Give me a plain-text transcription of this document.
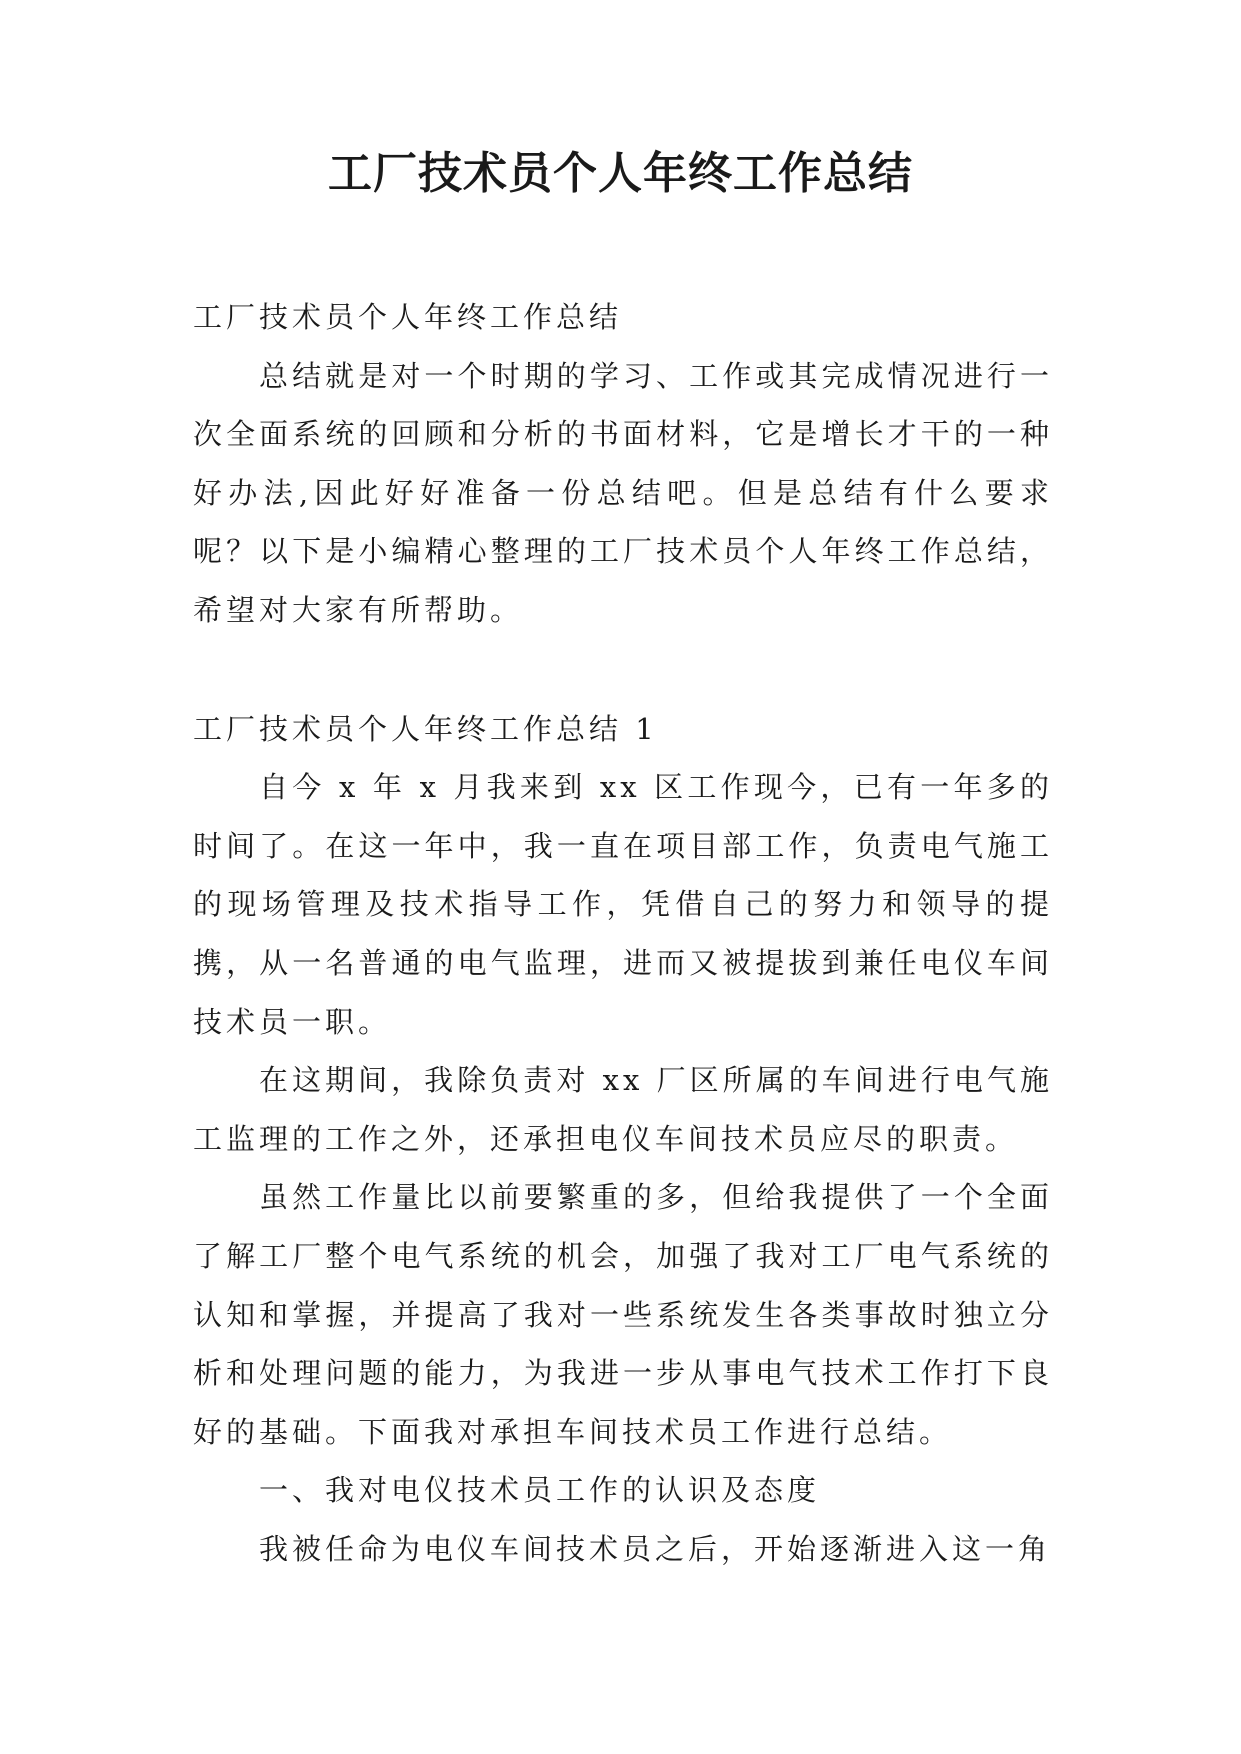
工厂技术员个人年终工作总结

工厂技术员个人年终工作总结

总结就是对一个时期的学习、工作或其完成情况进行一次全面系统的回顾和分析的书面材料，它是增长才干的一种好办法,因此好好准备一份总结吧。但是总结有什么要求呢？以下是小编精心整理的工厂技术员个人年终工作总结，希望对大家有所帮助。

工厂技术员个人年终工作总结 1

自今 x 年 x 月我来到 xx 区工作现今，已有一年多的时间了。在这一年中，我一直在项目部工作，负责电气施工的现场管理及技术指导工作，凭借自己的努力和领导的提携，从一名普通的电气监理，进而又被提拔到兼任电仪车间技术员一职。

在这期间，我除负责对 xx 厂区所属的车间进行电气施工监理的工作之外，还承担电仪车间技术员应尽的职责。

虽然工作量比以前要繁重的多，但给我提供了一个全面了解工厂整个电气系统的机会，加强了我对工厂电气系统的认知和掌握，并提高了我对一些系统发生各类事故时独立分析和处理问题的能力，为我进一步从事电气技术工作打下良好的基础。下面我对承担车间技术员工作进行总结。

一、我对电仪技术员工作的认识及态度

我被任命为电仪车间技术员之后，开始逐渐进入这一角
